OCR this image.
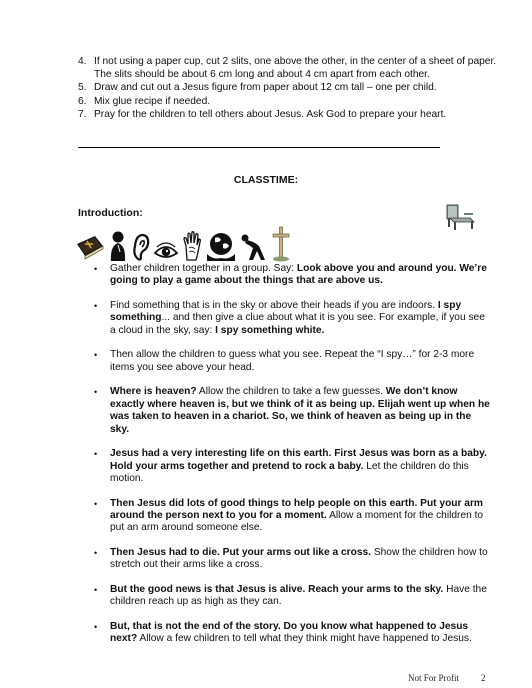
4. If not using a paper cup, cut 2 slits, one above the other, in the center of a sheet of paper. The slits should be about 6 cm long and about 4 cm apart from each other.
5. Draw and cut out a Jesus figure from paper about 12 cm tall – one per child.
6. Mix glue recipe if needed.
7. Pray for the children to tell others about Jesus. Ask God to prepare your heart.
CLASSTIME:
Introduction:
• Gather children together in a group. Say: Look above you and around you. We’re going to play a game about the things that are above us.
• Find something that is in the sky or above their heads if you are indoors. I spy something... and then give a clue about what it is you see. For example, if you see a cloud in the sky, say: I spy something white.
• Then allow the children to guess what you see. Repeat the “I spy…” for 2-3 more items you see above your head.
• Where is heaven? Allow the children to take a few guesses. We don’t know exactly where heaven is, but we think of it as being up. Elijah went up when he was taken to heaven in a chariot. So, we think of heaven as being up in the sky.
• Jesus had a very interesting life on this earth. First Jesus was born as a baby. Hold your arms together and pretend to rock a baby. Let the children do this motion.
• Then Jesus did lots of good things to help people on this earth. Put your arm around the person next to you for a moment. Allow a moment for the children to put an arm around someone else.
• Then Jesus had to die. Put your arms out like a cross. Show the children how to stretch out their arms like a cross.
• But the good news is that Jesus is alive. Reach your arms to the sky. Have the children reach up as high as they can.
• But, that is not the end of the story. Do you know what happened to Jesus next? Allow a few children to tell what they think might have happened to Jesus.
Not For Profit 2
